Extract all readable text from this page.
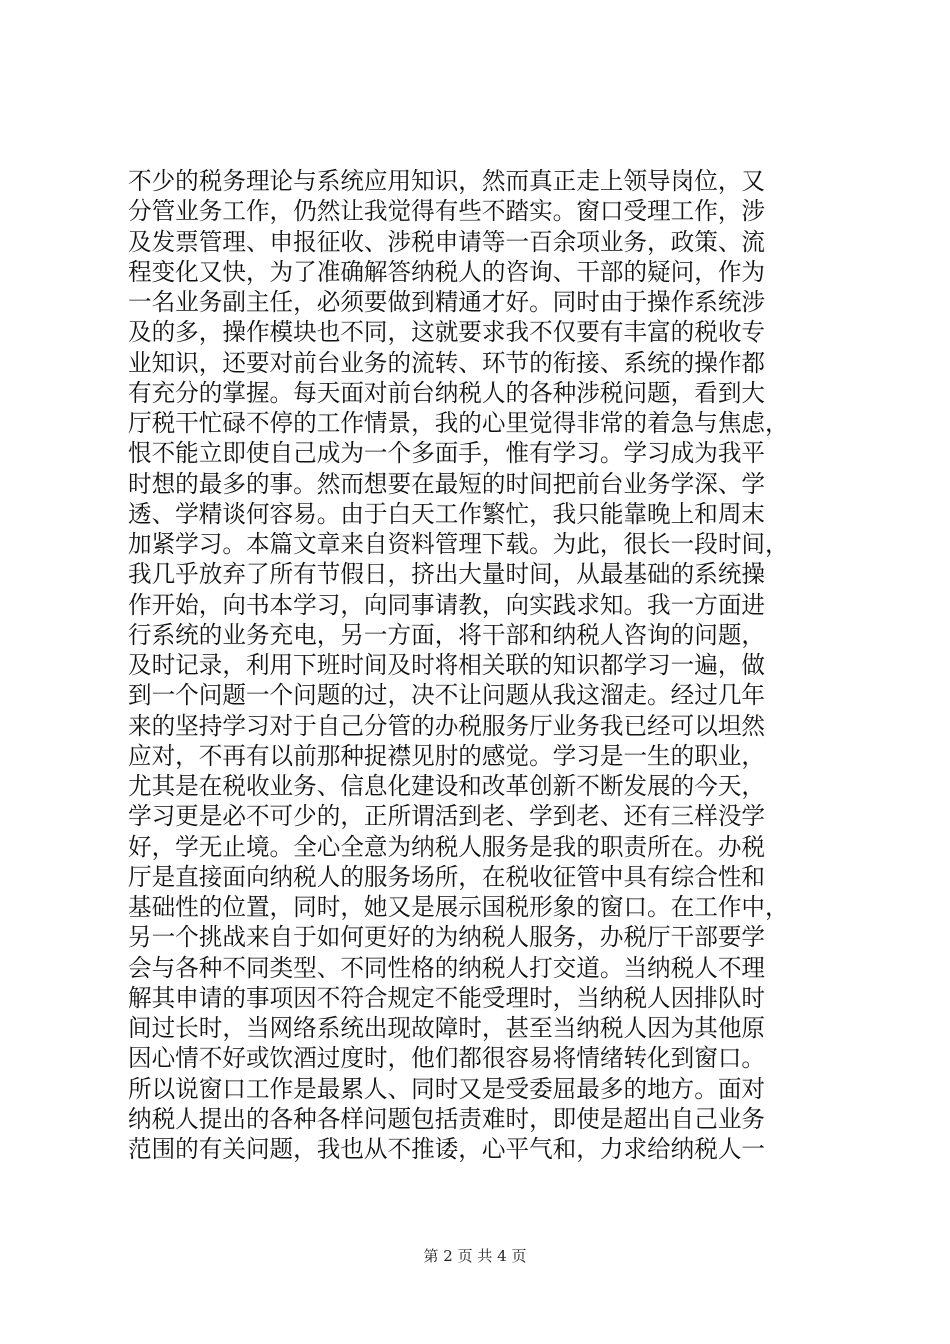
不少的税务理论与系统应用知识，然而真正走上领导岗位，又
分管业务工作，仍然让我觉得有些不踏实。窗口受理工作，涉
及发票管理、申报征收、涉税申请等一百余项业务，政策、流
程变化又快，为了准确解答纳税人的咨询、干部的疑问，作为
一名业务副主任，必须要做到精通才好。同时由于操作系统涉
及的多，操作模块也不同，这就要求我不仅要有丰富的税收专
业知识，还要对前台业务的流转、环节的衔接、系统的操作都
有充分的掌握。每天面对前台纳税人的各种涉税问题，看到大
厅税干忙碌不停的工作情景，我的心里觉得非常的着急与焦虑，
恨不能立即使自己成为一个多面手，惟有学习。学习成为我平
时想的最多的事。然而想要在最短的时间把前台业务学深、学
透、学精谈何容易。由于白天工作繁忙，我只能靠晚上和周末
加紧学习。本篇文章来自资料管理下载。为此，很长一段时间，
我几乎放弃了所有节假日，挤出大量时间，从最基础的系统操
作开始，向书本学习，向同事请教，向实践求知。我一方面进
行系统的业务充电，另一方面，将干部和纳税人咨询的问题，
及时记录，利用下班时间及时将相关联的知识都学习一遍，做
到一个问题一个问题的过，决不让问题从我这溜走。经过几年
来的坚持学习对于自己分管的办税服务厅业务我已经可以坦然
应对，不再有以前那种捉襟见肘的感觉。学习是一生的职业，
尤其是在税收业务、信息化建设和改革创新不断发展的今天，
学习更是必不可少的，正所谓活到老、学到老、还有三样没学
好，学无止境。全心全意为纳税人服务是我的职责所在。办税
厅是直接面向纳税人的服务场所，在税收征管中具有综合性和
基础性的位置，同时，她又是展示国税形象的窗口。在工作中，
另一个挑战来自于如何更好的为纳税人服务，办税厅干部要学
会与各种不同类型、不同性格的纳税人打交道。当纳税人不理
解其申请的事项因不符合规定不能受理时，当纳税人因排队时
间过长时，当网络系统出现故障时，甚至当纳税人因为其他原
因心情不好或饮酒过度时，他们都很容易将情绪转化到窗口。
所以说窗口工作是最累人、同时又是受委屈最多的地方。面对
纳税人提出的各种各样问题包括责难时，即使是超出自己业务
范围的有关问题，我也从不推诿，心平气和，力求给纳税人一
第 2 页 共 4 页
